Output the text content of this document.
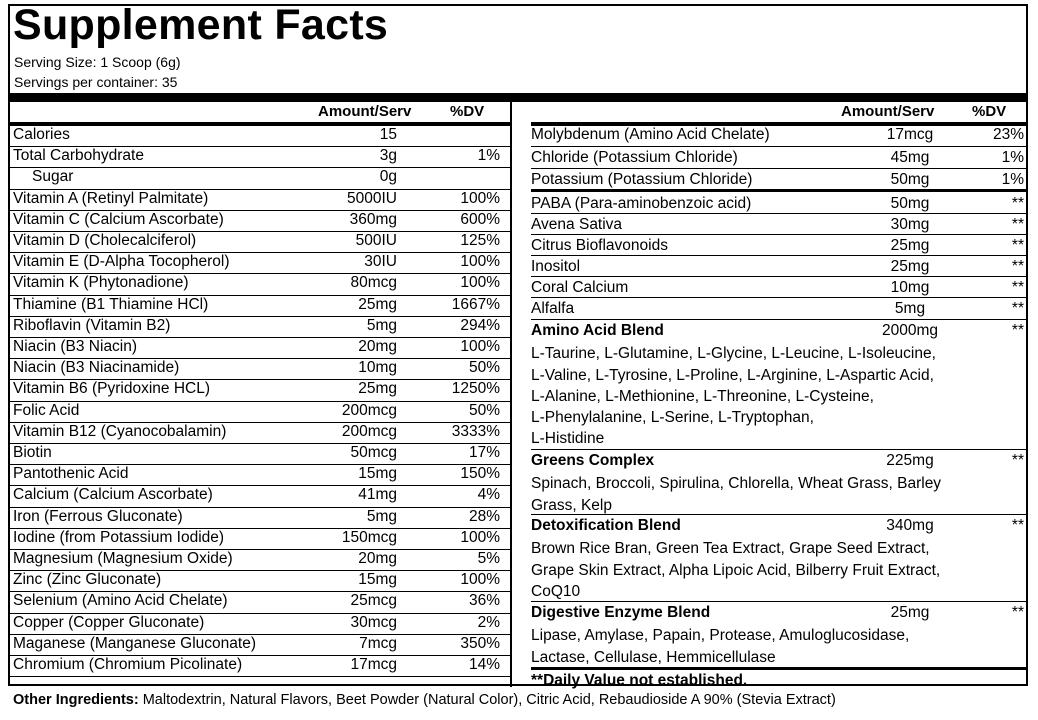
Supplement Facts
Serving Size: 1 Scoop (6g)
Servings per container: 35
Amount/Serv	%DV	Amount/Serv	%DV
Calories	15
Total Carbohydrate	3g	1%
Sugar	0g
Vitamin A (Retinyl Palmitate)	5000IU	100%
Vitamin C (Calcium Ascorbate)	360mg	600%
Vitamin D (Cholecalciferol)	500IU	125%
Vitamin E (D-Alpha Tocopherol)	30IU	100%
Vitamin K (Phytonadione)	80mcg	100%
Thiamine (B1 Thiamine HCl)	25mg	1667%
Riboflavin (Vitamin B2)	5mg	294%
Niacin (B3 Niacin)	20mg	100%
Niacin (B3 Niacinamide)	10mg	50%
Vitamin B6 (Pyridoxine HCL)	25mg	1250%
Folic Acid	200mcg	50%
Vitamin B12 (Cyanocobalamin)	200mcg	3333%
Biotin	50mcg	17%
Pantothenic Acid	15mg	150%
Calcium (Calcium Ascorbate)	41mg	4%
Iron (Ferrous Gluconate)	5mg	28%
Iodine (from Potassium Iodide)	150mcg	100%
Magnesium (Magnesium Oxide)	20mg	5%
Zinc (Zinc Gluconate)	15mg	100%
Selenium (Amino Acid Chelate)	25mcg	36%
Copper (Copper Gluconate)	30mcg	2%
Maganese (Manganese Gluconate)	7mcg	350%
Chromium (Chromium Picolinate)	17mcg	14%
Molybdenum (Amino Acid Chelate)	17mcg	23%
Chloride (Potassium Chloride)	45mg	1%
Potassium (Potassium Chloride)	50mg	1%
PABA (Para-aminobenzoic acid)	50mg	**
Avena Sativa	30mg	**
Citrus Bioflavonoids	25mg	**
Inositol	25mg	**
Coral Calcium	10mg	**
Alfalfa	5mg	**
Amino Acid Blend	2000mg	**
L-Taurine, L-Glutamine, L-Glycine, L-Leucine, L-Isoleucine,
L-Valine, L-Tyrosine, L-Proline, L-Arginine, L-Aspartic Acid,
L-Alanine, L-Methionine, L-Threonine, L-Cysteine,
L-Phenylalanine, L-Serine, L-Tryptophan,
L-Histidine
Greens Complex	225mg	**
Spinach, Broccoli, Spirulina, Chlorella, Wheat Grass, Barley
Grass, Kelp
Detoxification Blend	340mg	**
Brown Rice Bran, Green Tea Extract, Grape Seed Extract,
Grape Skin Extract, Alpha Lipoic Acid, Bilberry Fruit Extract,
CoQ10
Digestive Enzyme Blend	25mg	**
Lipase, Amylase, Papain, Protease, Amuloglucosidase,
Lactase, Cellulase, Hemmicellulase
**Daily Value not established.
Other Ingredients: Maltodextrin, Natural Flavors, Beet Powder (Natural Color), Citric Acid, Rebaudioside A 90% (Stevia Extract)
